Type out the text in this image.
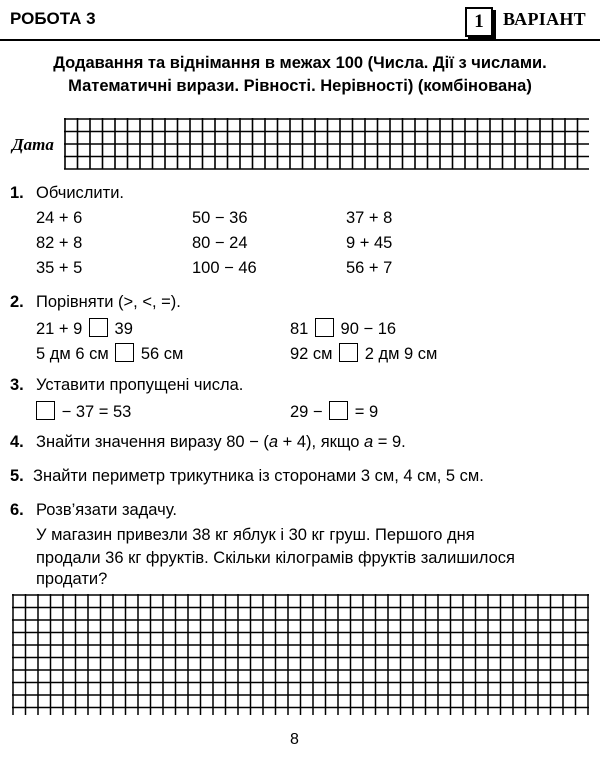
РОБОТА 3	1	ВАРІАНТ
Додавання та віднімання в межах 100 (Числа. Дії з числами.
Математичні вирази. Рівності. Нерівності) (комбінована)
Дата
1. Обчислити.
24 + 6	50 − 36	37 + 8
82 + 8	80 − 24	9 + 45
35 + 5	100 − 46	56 + 7
2. Порівняти (>, <, =).
21 + 9 39	81 90 − 16
5 дм 6 см 56 см	92 см 2 дм 9 см
3. Уставити пропущені числа.
− 37 = 53	29 − = 9
4. Знайти значення виразу 80 − (а + 4), якщо а = 9.
5. Знайти периметр трикутника із сторонами 3 см, 4 см, 5 см.
6. Розв’язати задачу.
У магазин привезли 38 кг яблук і 30 кг груш. Першого дня
продали 36 кг фруктів. Скільки кілограмів фруктів залишилося
продати?
8
